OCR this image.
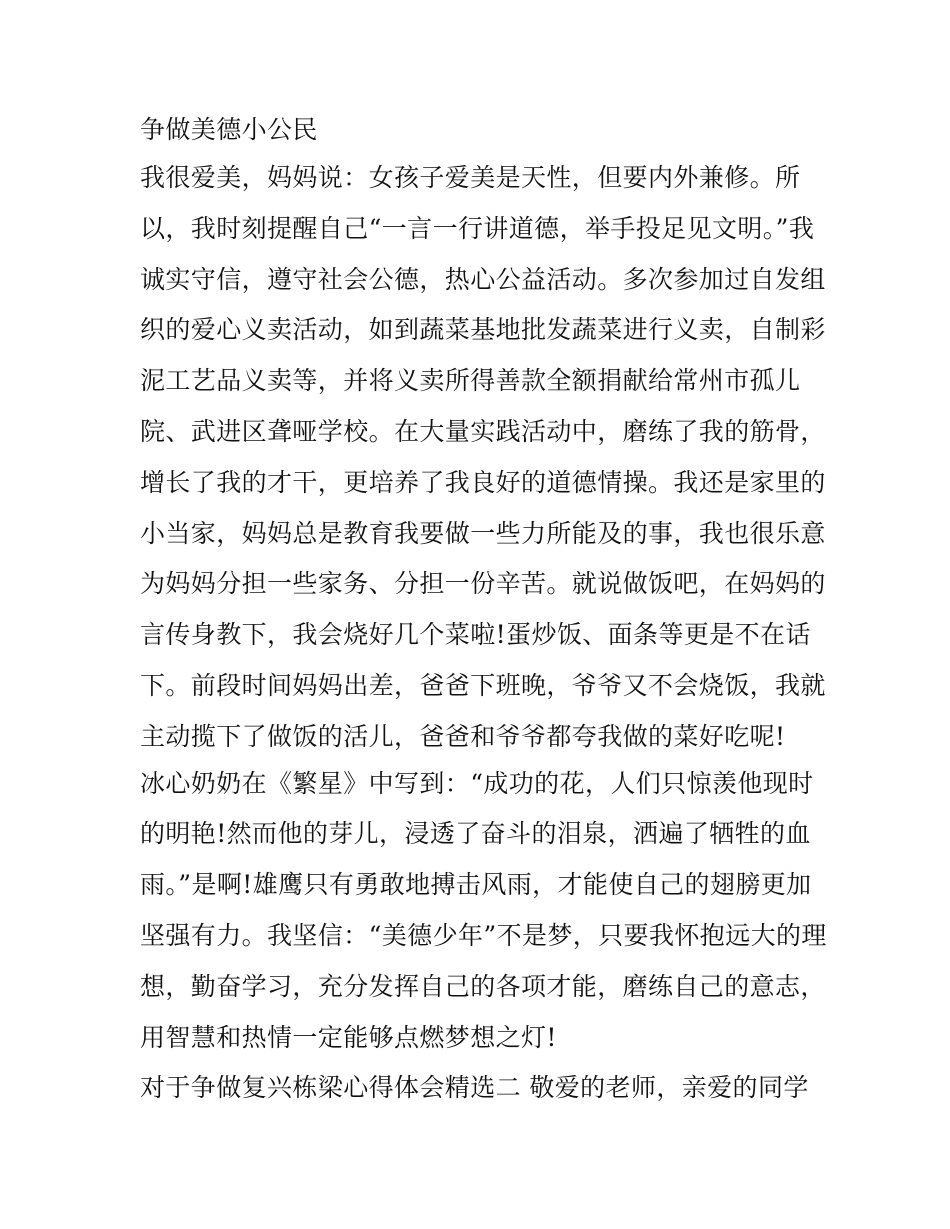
争做美德小公民

我很爱美，妈妈说：女孩子爱美是天性，但要内外兼修。所
以，我时刻提醒自己“一言一行讲道德，举手投足见文明。”我
诚实守信，遵守社会公德，热心公益活动。多次参加过自发组
织的爱心义卖活动，如到蔬菜基地批发蔬菜进行义卖，自制彩
泥工艺品义卖等，并将义卖所得善款全额捐献给常州市孤儿
院、武进区聋哑学校。在大量实践活动中，磨练了我的筋骨，
增长了我的才干，更培养了我良好的道德情操。我还是家里的
小当家，妈妈总是教育我要做一些力所能及的事，我也很乐意
为妈妈分担一些家务、分担一份辛苦。就说做饭吧，在妈妈的
言传身教下，我会烧好几个菜啦!蛋炒饭、面条等更是不在话
下。前段时间妈妈出差，爸爸下班晚，爷爷又不会烧饭，我就
主动揽下了做饭的活儿，爸爸和爷爷都夸我做的菜好吃呢!

冰心奶奶在《繁星》中写到：“成功的花，人们只惊羡他现时
的明艳!然而他的芽儿，浸透了奋斗的泪泉，洒遍了牺牲的血
雨。”是啊!雄鹰只有勇敢地搏击风雨，才能使自己的翅膀更加
坚强有力。我坚信：“美德少年”不是梦，只要我怀抱远大的理
想，勤奋学习，充分发挥自己的各项才能，磨练自己的意志，
用智慧和热情一定能够点燃梦想之灯!

对于争做复兴栋梁心得体会精选二 敬爱的老师，亲爱的同学
